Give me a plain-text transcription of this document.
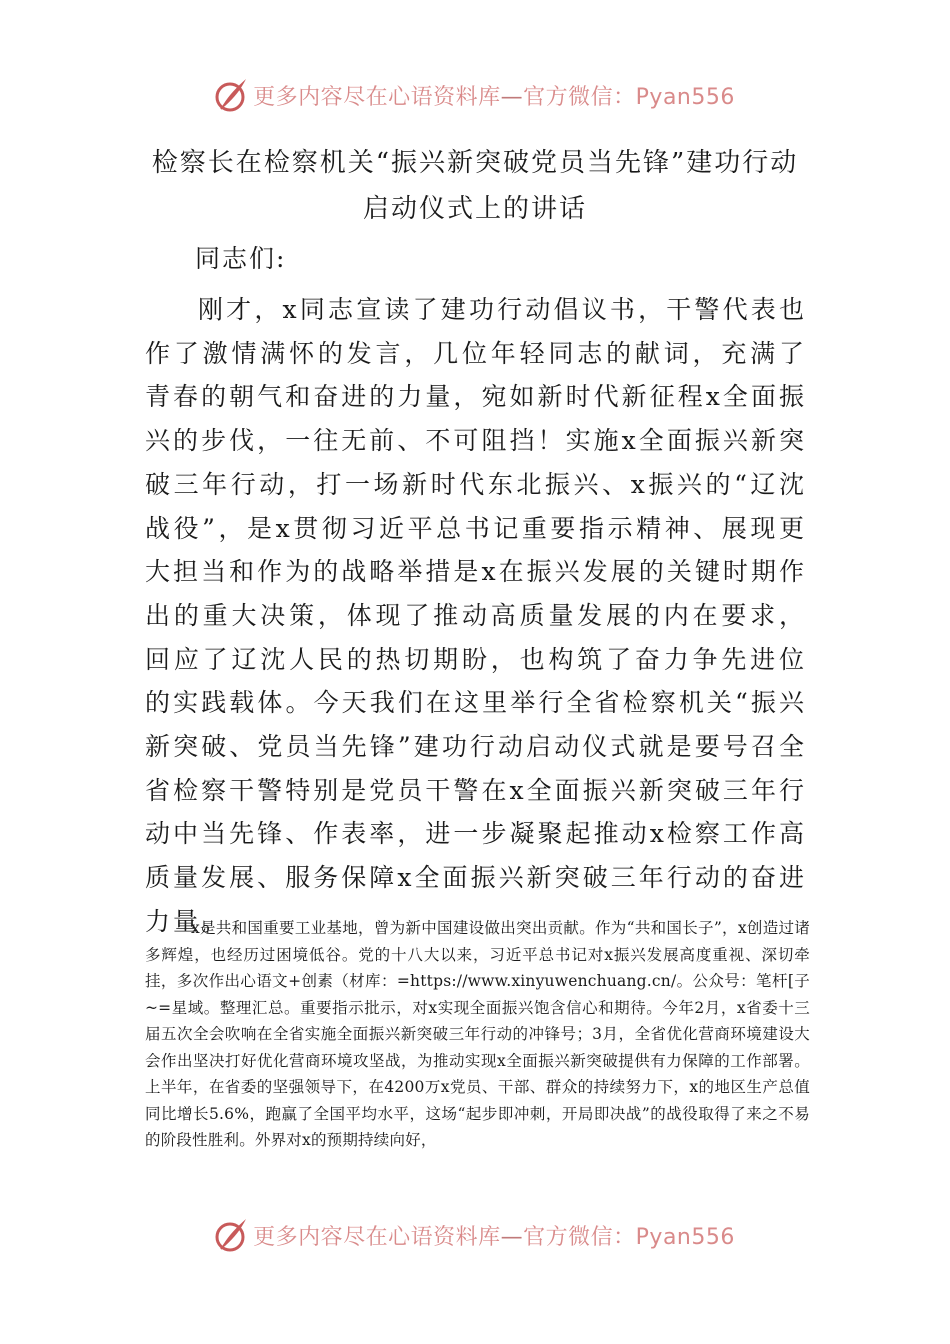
更多内容尽在心语资料库—官方微信：Pyan556
检察长在检察机关“振兴新突破党员当先锋”建功行动启动仪式上的讲话
同志们:

刚才，x同志宣读了建功行动倡议书，干警代表也作了激情满怀的发言，几位年轻同志的献词，充满了青春的朝气和奋进的力量，宛如新时代新征程x全面振兴的步伐，一往无前、不可阻挡！实施x全面振兴新突破三年行动，打一场新时代东北振兴、x振兴的“辽沈战役”，是x贯彻习近平总书记重要指示精神、展现更大担当和作为的战略举措是x在振兴发展的关键时期作出的重大决策，体现了推动高质量发展的内在要求，回应了辽沈人民的热切期盼，也构筑了奋力争先进位的实践载体。今天我们在这里举行全省检察机关“振兴新突破、党员当先锋”建功行动启动仪式就是要号召全省检察干警特别是党员干警在x全面振兴新突破三年行动中当先锋、作表率，进一步凝聚起推动x检察工作高质量发展、服务保障x全面振兴新突破三年行动的奋进力量。

x是共和国重要工业基地，曾为新中国建设做出突出贡献。作为“共和国长子”，x创造过诸多辉煌，也经历过困境低谷。党的十八大以来，习近平总书记对x振兴发展高度重视、深切牵挂，多次作出心语文+创素（材库：=https://www.xinyuwenchuang.cn/。公众号：笔杆[子~=星域。整理汇总。重要指示批示，对x实现全面振兴饱含信心和期待。今年2月，x省委十三届五次全会吹响在全省实施全面振兴新突破三年行动的冲锋号；3月，全省优化营商环境建设大会作出坚决打好优化营商环境攻坚战，为推动实现x全面振兴新突破提供有力保障的工作部署。上半年，在省委的坚强领导下，在4200万x党员、干部、群众的持续努力下，x的地区生产总值同比增长5.6%，跑赢了全国平均水平，这场“起步即冲刺，开局即决战”的战役取得了来之不易的阶段性胜利。外界对x的预期持续向好，

更多内容尽在心语资料库—官方微信：Pyan556
